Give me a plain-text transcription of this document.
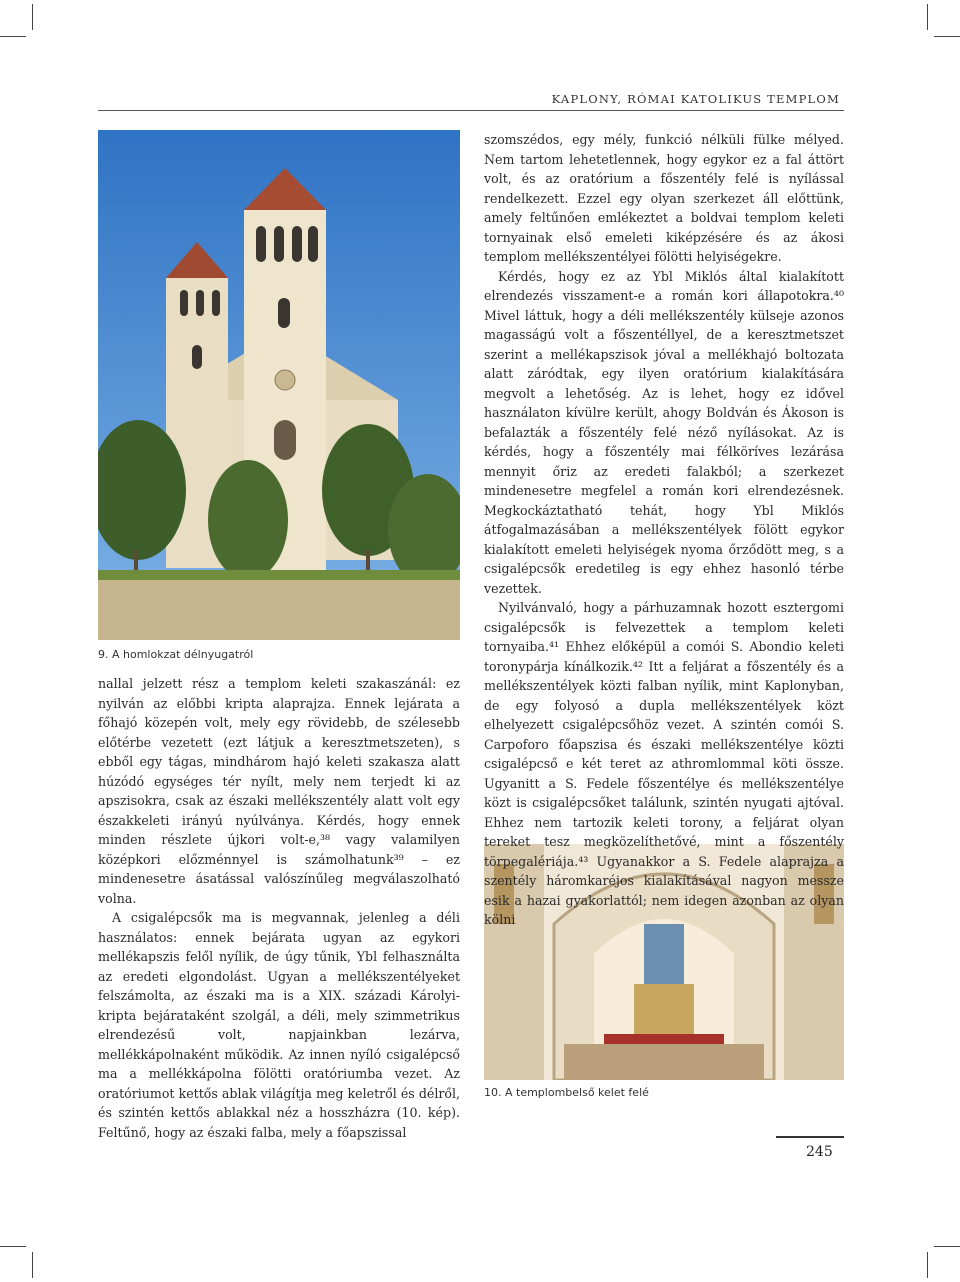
KAPLONY, RÓMAI KATOLIKUS TEMPLOM
9. A homlokzat délnyugatról
10. A templombelső kelet felé

nallal jelzett rész a templom keleti szakaszánál: ez nyilván az előbbi kripta alaprajza. Ennek lejárata a főhajó közepén volt, mely egy rövidebb, de szélesebb előtérbe vezetett (ezt látjuk a keresztmetszeten), s ebből egy tágas, mindhárom hajó keleti szakasza alatt húzódó egységes tér nyílt, mely nem terjedt ki az apszisokra, csak az északi mellékszentély alatt volt egy északkeleti irányú nyúlványa. Kérdés, hogy ennek minden részlete újkori volt-e,³⁸ vagy valamilyen középkori előzménnyel is számolhatunk³⁹ – ez mindenesetre ásatással valószínűleg megválaszolható volna.

A csigalépcsők ma is megvannak, jelenleg a déli használatos: ennek bejárata ugyan az egykori mellékapszis felől nyílik, de úgy tűnik, Ybl felhasználta az eredeti elgondolást. Ugyan a mellékszentélyeket felszámolta, az északi ma is a XIX. századi Károlyi-kripta bejárataként szolgál, a déli, mely szimmetrikus elrendezésű volt, napjainkban lezárva, mellékkápolnaként működik. Az innen nyíló csigalépcső ma a mellékkápolna fölötti oratóriumba vezet. Az oratóriumot kettős ablak világítja meg keletről és délről, és szintén kettős ablakkal néz a hosszházra (10. kép). Feltűnő, hogy az északi falba, mely a főapszissal

szomszédos, egy mély, funkció nélküli fülke mélyed. Nem tartom lehetetlennek, hogy egykor ez a fal áttört volt, és az oratórium a főszentély felé is nyílással rendelkezett. Ezzel egy olyan szerkezet áll előttünk, amely feltűnően emlékeztet a boldvai templom keleti tornyainak első emeleti kiképzésére és az ákosi templom mellékszentélyei fölötti helyiségekre.

Kérdés, hogy ez az Ybl Miklós által kialakított elrendezés visszament-e a román kori állapotokra.⁴⁰ Mivel láttuk, hogy a déli mellékszentély külseje azonos magasságú volt a főszentéllyel, de a keresztmetszet szerint a mellékapszisok jóval a mellékhajó boltozata alatt záródtak, egy ilyen oratórium kialakítására megvolt a lehetőség. Az is lehet, hogy ez idővel használaton kívülre került, ahogy Boldván és Ákoson is befalazták a főszentély felé néző nyílásokat. Az is kérdés, hogy a főszentély mai félköríves lezárása mennyit őriz az eredeti falakból; a szerkezet mindenesetre megfelel a román kori elrendezésnek. Megkockáztatható tehát, hogy Ybl Miklós átfogalmazásában a mellékszentélyek fölött egykor kialakított emeleti helyiségek nyoma őrződött meg, s a csigalépcsők eredetileg is egy ehhez hasonló térbe vezettek.

Nyilvánvaló, hogy a párhuzamnak hozott esztergomi csigalépcsők is felvezettek a templom keleti tornyaiba.⁴¹ Ehhez előképül a comói S. Abondio keleti toronypárja kínálkozik.⁴² Itt a feljárat a főszentély és a mellékszentélyek közti falban nyílik, mint Kaplonyban, de egy folyosó a dupla mellékszentélyek közt elhelyezett csigalépcsőhöz vezet. A szintén comói S. Carpoforo főapszisa és északi mellékszentélye közti csigalépcső e két teret az athromlommal köti össze. Ugyanitt a S. Fedele főszentélye és mellékszentélye közt is csigalépcsőket találunk, szintén nyugati ajtóval. Ehhez nem tartozik keleti torony, a feljárat olyan tereket tesz megközelíthetővé, mint a főszentély törpegalériája.⁴³ Ugyanakkor a S. Fedele alaprajza a szentély háromkaréjos kialakításával nagyon messze esik a hazai gyakorlattól; nem idegen azonban az olyan kölni

245
